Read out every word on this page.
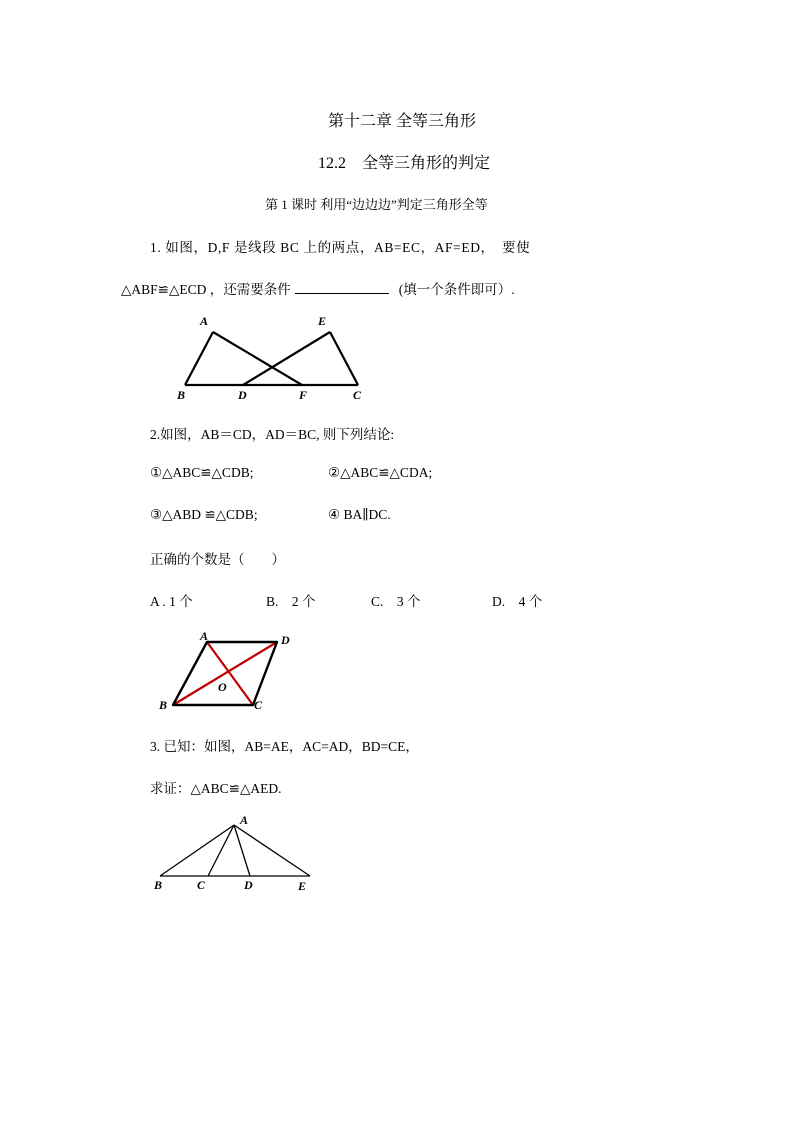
第十二章 全等三角形
12.2　全等三角形的判定
第 1 课时 利用“边边边”判定三角形全等
1. 如图，D,F 是线段 BC 上的两点，AB=EC，AF=ED，　要使
△ABF≌△ECD ，还需要条件	(填一个条件即可）.
A	E
B	D	F	C
2.如图，AB＝CD，AD＝BC, 则下列结论:
①△ABC≌△CDB;	②△ABC≌△CDA;
③△ABD ≌△CDB;	④ BA∥DC.
正确的个数是（　　）
A . 1 个	B.　2 个	C.　3 个	D.　4 个
A	D
O
B	C
3. 已知：如图，AB=AE，AC=AD，BD=CE，
求证：△ABC≌△AED.
A
B	C	D	E
